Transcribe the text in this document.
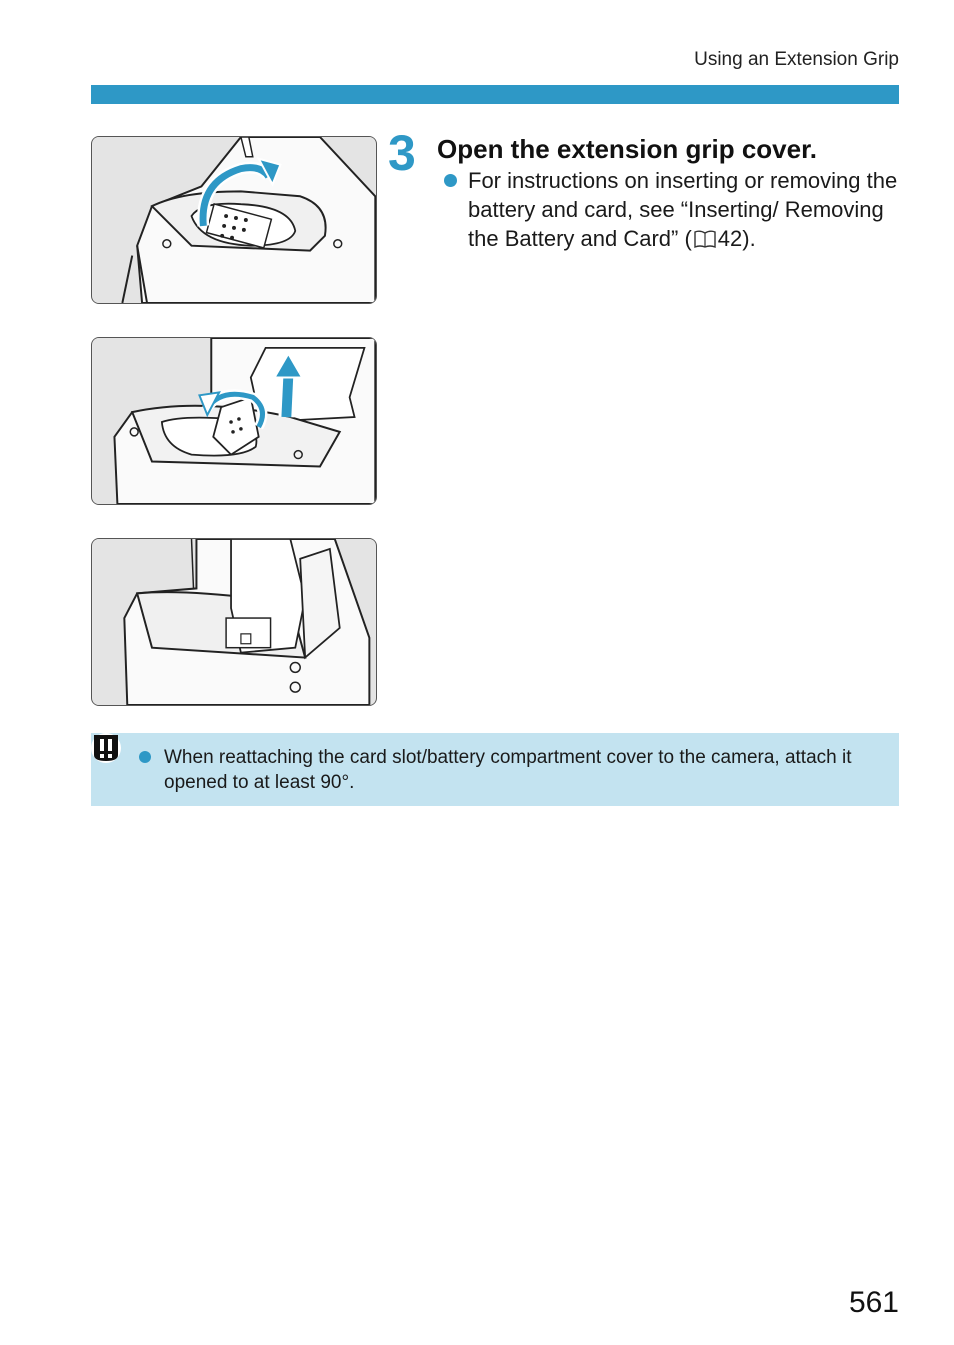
Using an Extension Grip
3 Open the extension grip cover.
For instructions on inserting or removing the battery and card, see “Inserting/ Removing the Battery and Card” ( 42).
When reattaching the card slot/battery compartment cover to the camera, attach it opened to at least 90°.
561
